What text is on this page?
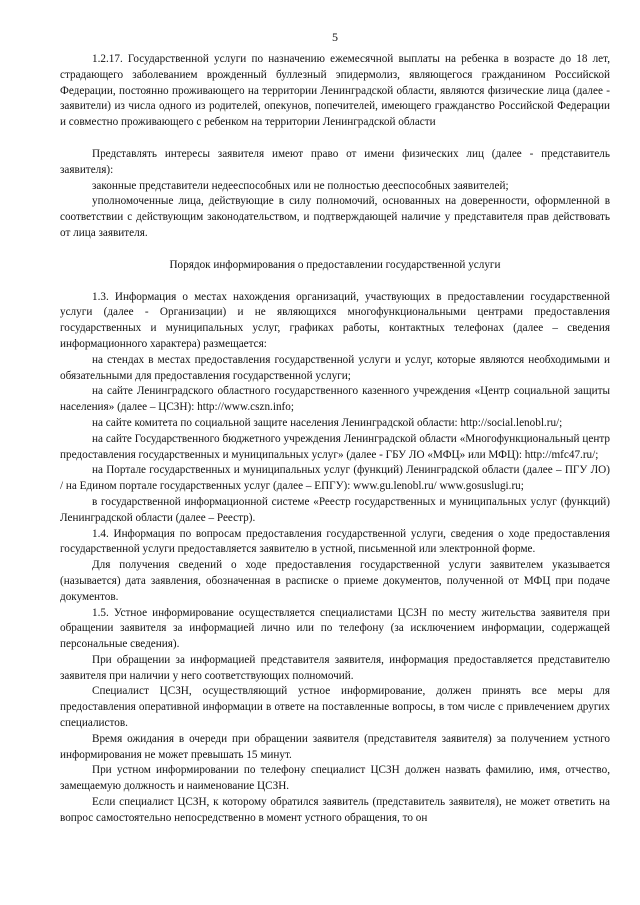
5

1.2.17. Государственной услуги по назначению ежемесячной выплаты на ребенка в возрасте до 18 лет, страдающего заболеванием врожденный буллезный эпидермолиз, являющегося гражданином Российской Федерации, постоянно проживающего на территории Ленинградской области, являются физические лица (далее - заявители) из числа одного из родителей, опекунов, попечителей, имеющего гражданство Российской Федерации и совместно проживающего с ребенком на территории Ленинградской области

Представлять интересы заявителя имеют право от имени физических лиц (далее - представитель заявителя):

законные представители недееспособных или не полностью дееспособных заявителей;

уполномоченные лица, действующие в силу полномочий, основанных на доверенности, оформленной в соответствии с действующим законодательством, и подтверждающей наличие у представителя прав действовать от лица заявителя.

Порядок информирования о предоставлении государственной услуги

1.3. Информация о местах нахождения организаций, участвующих в предоставлении государственной услуги (далее - Организации) и не являющихся многофункциональными центрами предоставления государственных и муниципальных услуг, графиках работы, контактных телефонах (далее – сведения информационного характера) размещается:

на стендах в местах предоставления государственной услуги и услуг, которые являются необходимыми и обязательными для предоставления государственной услуги;

на сайте Ленинградского областного государственного казенного учреждения «Центр социальной защиты населения» (далее – ЦСЗН): http://www.cszn.info;

на сайте комитета по социальной защите населения Ленинградской области: http://social.lenobl.ru/;

на сайте Государственного бюджетного учреждения Ленинградской области «Многофункциональный центр предоставления государственных и муниципальных услуг» (далее - ГБУ ЛО «МФЦ» или МФЦ): http://mfc47.ru/;

на Портале государственных и муниципальных услуг (функций) Ленинградской области (далее – ПГУ ЛО) / на Едином портале государственных услуг (далее – ЕПГУ): www.gu.lenobl.ru/ www.gosuslugi.ru;

в государственной информационной системе «Реестр государственных и муниципальных услуг (функций) Ленинградской области (далее – Реестр).

1.4. Информация по вопросам предоставления государственной услуги, сведения о ходе предоставления государственной услуги предоставляется заявителю в устной, письменной или электронной форме.

Для получения сведений о ходе предоставления государственной услуги заявителем указывается (называется) дата заявления, обозначенная в расписке о приеме документов, полученной от МФЦ при подаче документов.

1.5. Устное информирование осуществляется специалистами ЦСЗН по месту жительства заявителя при обращении заявителя за информацией лично или по телефону (за исключением информации, содержащей персональные сведения).

При обращении за информацией представителя заявителя, информация предоставляется представителю заявителя при наличии у него соответствующих полномочий.

Специалист ЦСЗН, осуществляющий устное информирование, должен принять все меры для предоставления оперативной информации в ответе на поставленные вопросы, в том числе с привлечением других специалистов.

Время ожидания в очереди при обращении заявителя (представителя заявителя) за получением устного информирования не может превышать 15 минут.

При устном информировании по телефону специалист ЦСЗН должен назвать фамилию, имя, отчество, замещаемую должность и наименование ЦСЗН.

Если специалист ЦСЗН, к которому обратился заявитель (представитель заявителя), не может ответить на вопрос самостоятельно непосредственно в момент устного обращения, то он
